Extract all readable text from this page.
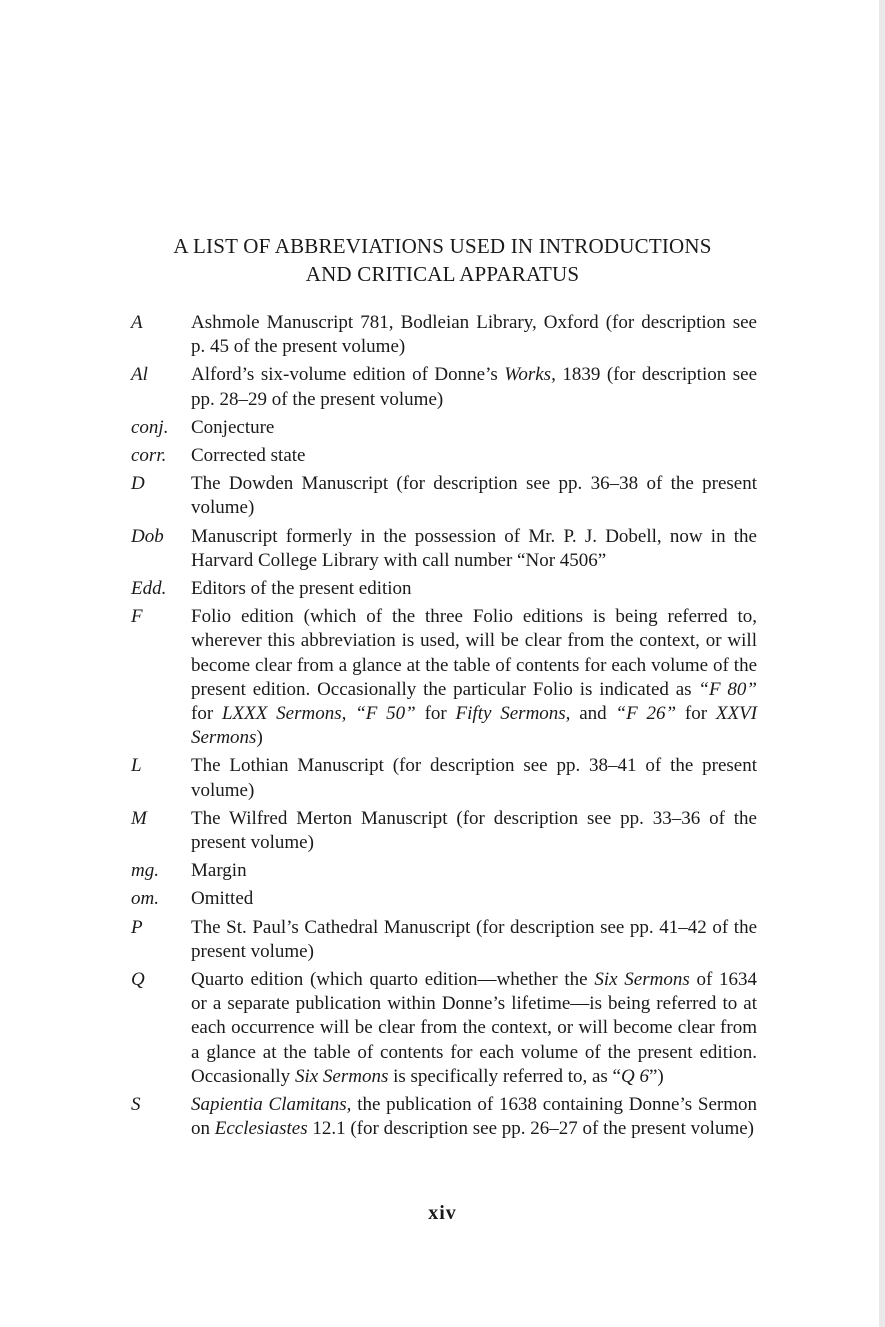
A LIST OF ABBREVIATIONS USED IN INTRODUCTIONS
AND CRITICAL APPARATUS
A	Ashmole Manuscript 781, Bodleian Library, Oxford (for description see p. 45 of the present volume)
Al	Alford’s six-volume edition of Donne’s Works, 1839 (for description see pp. 28–29 of the present volume)
conj.	Conjecture
corr.	Corrected state
D	The Dowden Manuscript (for description see pp. 36–38 of the present volume)
Dob	Manuscript formerly in the possession of Mr. P. J. Dobell, now in the Harvard College Library with call number “Nor 4506”
Edd.	Editors of the present edition
F	Folio edition (which of the three Folio editions is being referred to, wherever this abbreviation is used, will be clear from the context, or will become clear from a glance at the table of contents for each volume of the present edition. Occasionally the particular Folio is indicated as “F 80” for LXXX Sermons, “F 50” for Fifty Sermons, and “F 26” for XXVI Sermons)
L	The Lothian Manuscript (for description see pp. 38–41 of the present volume)
M	The Wilfred Merton Manuscript (for description see pp. 33–36 of the present volume)
mg.	Margin
om.	Omitted
P	The St. Paul’s Cathedral Manuscript (for description see pp. 41–42 of the present volume)
Q	Quarto edition (which quarto edition—whether the Six Sermons of 1634 or a separate publication within Donne’s lifetime—is being referred to at each occurrence will be clear from the context, or will become clear from a glance at the table of contents for each volume of the present edition. Occasionally Six Sermons is specifically referred to, as “Q 6”)
S	Sapientia Clamitans, the publication of 1638 containing Donne’s Sermon on Ecclesiastes 12.1 (for description see pp. 26–27 of the present volume)
xiv
